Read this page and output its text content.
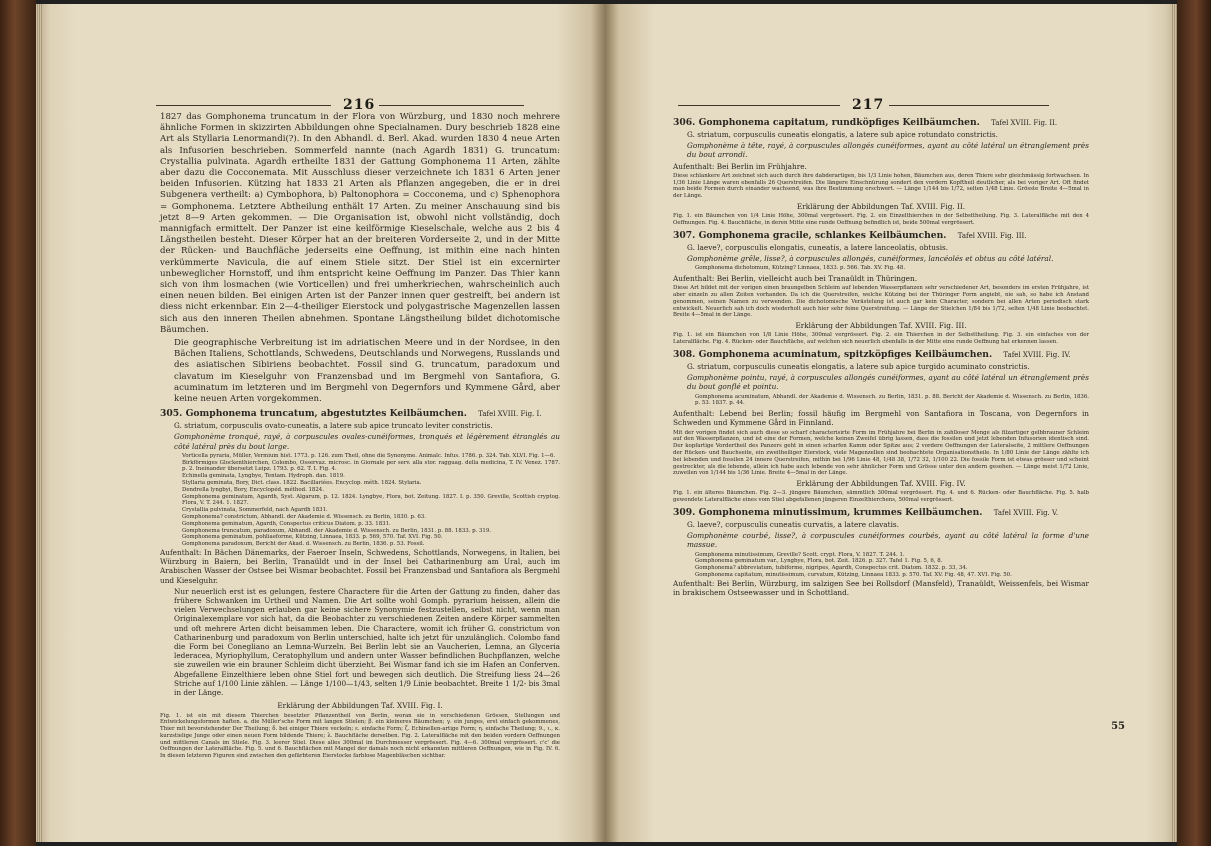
216

1827 das Gomphonema truncatum in der Flora von Würzburg, und 1830 noch mehrere ähnliche Formen in skizzirten Abbildungen ohne Specialnamen. Dury beschrieb 1828 eine Art als Styllaria Lenormandi(?). In den Abhandl. d. Berl. Akad. wurden 1830 4 neue Arten als Infusorien beschrieben. Sommerfeld nannte (nach Agardh 1831) G. truncatum: Crystallia pulvinata. Agardh ertheilte 1831 der Gattung Gomphonema 11 Arten, zählte aber dazu die Cocconemata. Mit Ausschluss dieser verzeichnete ich 1831 6 Arten jener beiden Infusorien. Kützing hat 1833 21 Arten als Pflanzen angegeben, die er in drei Subgenera vertheilt: a) Cymbophora, b) Paltonophora = Cocconema, und c) Sphenophora = Gomphonema. Letztere Abtheilung enthält 17 Arten. Zu meiner Anschauung sind bis jetzt 8—9 Arten gekommen. — Die Organisation ist, obwohl nicht vollständig, doch mannigfach ermittelt. Der Panzer ist eine keilförmige Kieselschale, welche aus 2 bis 4 Längstheilen besteht. Dieser Körper hat an der breiteren Vorderseite 2, und in der Mitte der Rücken- und Bauchfläche jederseits eine Oeffnung, ist mithin eine nach hinten verkümmerte Navicula, die auf einem Stiele sitzt. Der Stiel ist ein excernirter unbeweglicher Hornstoff, und ihm entspricht keine Oeffnung im Panzer. Das Thier kann sich von ihm losmachen (wie Vorticellen) und frei umherkriechen, wahrscheinlich auch einen neuen bilden. Bei einigen Arten ist der Panzer innen quer gestreift, bei andern ist diess nicht erkennbar. Ein 2—4-theiliger Eierstock und polygastrische Magenzellen lassen sich aus den inneren Theilen abnehmen. Spontane Längstheilung bildet dichotomische Bäumchen.

Die geographische Verbreitung ist im adriatischen Meere und in der Nordsee, in den Bächen Italiens, Schottlands, Schwedens, Deutschlands und Norwegens, Russlands und des asiatischen Sibiriens beobachtet. Fossil sind G. truncatum, paradoxum und clavatum im Kieselguhr von Franzensbad und im Bergmehl von Santafiora, G. acuminatum im letzteren und im Bergmehl von Degernfors und Kymmene Gård, aber keine neuen Arten vorgekommen.

305. Gomphonema truncatum, abgestutztes Keilbäumchen. Tafel XVIII. Fig. I.

G. striatum, corpusculis ovato-cuneatis, a latere sub apice truncato leviter constrictis.

Gomphonème tronqué, rayé, à corpuscules ovales-cunéiformes, tronqués et légèrement étranglés au côté latéral près du bout large.

Vorticella pyraria, Müller, Vermium hist. 1773. p. 126. zum Theil, ohne die Synonyme. Animalc. Infus. 1786. p. 324. Tab. XLVI. Fig. 1—6.
Birkförmiges Glockenthierchen, Colombo, Osservaz. microsc. in Giornale per serv. alla stor. ragguag. della medicina, T. IV. Venez. 1787. p. 2. Ineinander übersetzt Leipz. 1793. p. 62. T. I. Fig. 4.
Echinella geminata, Lyngbye, Tentam. Hydroph. dan. 1819.
Styllaria geminata, Bory, Dict. class. 1822. Bacillariées. Encyclop. méth. 1824. Stylaria.
Dendrella lyngbyi, Bory, Encyclopéd. méthod. 1824.
Gomphonema geminatum, Agardh, Syst. Algarum, p. 12. 1824. Lyngbye, Flora, bot. Zeitung. 1827. I. p. 350. Greville, Scottish cryptog. Flora, V. T. 244. 1. 1827.
Crystallia pulvinata, Sommerfeld, nach Agardh 1831.
Gomphonema? constrictum, Abhandl. der Akademie d. Wissensch. zu Berlin, 1830. p. 63.
Gomphonema geminatum, Agardh, Conspectus criticus Diatom. p. 33. 1831.
Gomphonema truncatum, paradoxum, Abhandl. der Akademie d. Wissensch. zu Berlin, 1831. p. 88. 1833. p. 319.
Gomphonema geminatum, pohliaeforme, Kützing, Linnaea, 1833. p. 569, 570. Taf. XVI. Fig. 50.
Gomphonema paradoxum, Bericht der Akad. d. Wissensch. zu Berlin, 1836. p. 53. Fossil.

Aufenthalt: In Bächen Dänemarks, der Faeroer Inseln, Schwedens, Schottlands, Norwegens, in Italien, bei Würzburg in Baiern, bei Berlin, Tranaüldt und in der Insel bei Catharinenburg am Ural, auch im Arabischen Wasser der Ostsee bei Wismar beobachtet. Fossil bei Franzensbad und Santafiora als Bergmehl und Kieselguhr.

Nur neuerlich erst ist es gelungen, festere Charactere für die Arten der Gattung zu finden, daher das frühere Schwanken im Urtheil und Namen. Die Art sollte wohl Gomph. pyrarium heissen, allein die vielen Verwechselungen erlauben gar keine sichere Synonymie festzustellen, selbst nicht, wenn man Originalexemplare vor sich hat, da die Beobachter zu verschiedenen Zeiten andere Körper sammelten und oft mehrere Arten dicht beisammen leben. Die Charactere, womit ich früher G. constrictum von Catharinenburg und paradoxum von Berlin unterschied, halte ich jetzt für unzulänglich. Colombo fand die Form bei Conegliano an Lemna-Wurzeln. Bei Berlin lebt sie an Vaucherien, Lemna, an Glyceria lederacea, Myriophyllum, Ceratophyllum und andern unter Wasser befindlichen Buchpflanzen, welche sie zuweilen wie ein brauner Schleim dicht überzieht. Bei Wismar fand ich sie im Hafen an Conferven. Abgefallene Einzelthiere leben ohne Stiel fort und bewegen sich deutlich. Die Streifung liess 24—26 Striche auf 1/100 Linie zählen. — Länge 1/100—1/43, selten 1/9 Linie beobachtet. Breite 1 1/2- bis 3mal in der Länge.

Erklärung der Abbildungen Taf. XVIII. Fig. I.

Fig. 1. ist ein mit diesem Thierchen besetzter Pflanzentheil von Berlin, woran sie in verschiedenen Grössen, Stellungen und Entwickelungsformen haften. a. die Müller'sche Form mit langen Stielen; β. ein kleineres Bäumchen; γ. ein junges, erst einfach gekommenes, Thier mit bevorstehender Der Theilung; δ. bei einiger Thiere veckeln; ε. einfache Form; ζ. Echinellen-artige Form; η. einfache Theilung; 9., ι., κ. kurzstielige Junge oder einen neuen Form bildende Thiere; λ. Bauchfläche derselben. Fig. 2. Lateralfläche mit den beiden vordern Oeffnungen und mittleren Canals im Stiele. Fig. 3. leerer Stiel. Diese alles 300mal im Durchmesser vergrössert. Fig. 4—6. 300mal vergrössert. c'c' die Oeffnungen der Lateralfläche. Fig. 5. und 6. Bauchflächen mit Mangel der damals noch nicht erkannten mittleren Oeffnungen, wie in Fig. IV. 6. In diesen letzteren Figuren sind zwischen den gefärbteren Eierstocke farblose Magenbläschen sichtbar.

217
306. Gomphonema capitatum, rundköpfiges Keilbäumchen. Tafel XVIII. Fig. II.

G. striatum, corpusculis cuneatis elongatis, a latere sub apice rotundato constrictis.

Gomphonème à tête, rayé, à corpuscules allongés cunéiformes, ayant au côté latéral un étranglement près du bout arrondi.

Aufenthalt: Bei Berlin im Frühjahre.

Diese schlankere Art zeichnet sich auch durch ihre dabderartigen, bis 1/3 Linie hohen, Bäumchen aus, deren Thiere sehr gleichmässig fortwachsen. In 1/36 Linie Länge waren ebenfalls 26 Querstreifen. Die längere Einschnürung sondert den vordern Kopftheil deutlicher, als bei voriger Art. Oft findet man beide Formen durch einander wachsend, was ihre Bestimmung erschwert. — Länge 1/144 bis 1/72, selten 1/48 Linie. Grösste Breite 4—5mal in der Länge.

Erklärung der Abbildungen Taf. XVIII. Fig. II.

Fig. 1. ein Bäumchen von 1/4 Linie Höhe, 300mal vergrössert. Fig. 2. ein Einzelthierchen in der Selbsttheilung. Fig. 3. Lateralfläche mit den 4 Oeffnungen. Fig. 4. Bauchfläche, in deren Mitte eine runde Oeffnung befindlich ist, beide 500mal vergrössert.

307. Gomphonema gracile, schlankes Keilbäumchen. Tafel XVIII. Fig. III.

G. laeve?, corpusculis elongatis, cuneatis, a latere lanceolatis, obtusis.

Gomphonème grêle, lisse?, à corpuscules allongés, cunéiformes, lancéolés et obtus au côté latéral.

Gomphonema dichotomum, Kützing? Linnaea, 1833. p. 566. Tab. XV. Fig. 48.

Aufenthalt: Bei Berlin, vielleicht auch bei Tranaüldt in Thüringen.

Diese Art bildet mit der vorigen einen braungelben Schleim auf lebenden Wasserpflanzen sehr verschiedener Art, besonders im ersten Frühjahre, ist aber einzeln zu allen Zeiten vorhanden. Da ich die Querstreifen, welche Kützing bei der Thüringer Form angiebt, nie sah, so habe ich Anstand genommen, seinen Namen zu verwenden. Die dichotomische Verästelung ist auch gar kein Character, sondern bei allen Arten periodisch stark entwickelt. Neuerlich sah ich doch wiederholt auch hier sehr feine Querstreifung. — Länge der Stielchen 1/84 bis 1/72, selten 1/48 Linie beobachtet. Breite 4—5mal in der Länge.

Erklärung der Abbildungen Taf. XVIII. Fig. III.

Fig. 1. ist ein Bäumchen von 1/8 Linie Höhe, 300mal vergrössert. Fig. 2. ein Thierchen in der Selbsttheilung. Fig. 3. ein einfaches von der Lateralfläche. Fig. 4. Rücken- oder Bauchfläche, auf welchen sich neuerlich ebenfalls in der Mitte eine runde Oeffnung hat erkennen lassen.

308. Gomphonema acuminatum, spitzköpfiges Keilbäumchen. Tafel XVIII. Fig. IV.

G. striatum, corpusculis cuneatis elongatis, a latere sub apice turgido acuminato constrictis.

Gomphonème pointu, rayé, à corpuscules allongés cunéiformes, ayant au côté latéral un étranglement près du bout gonflé et pointu.

Gomphonema acuminatum, Abhandl. der Akademie d. Wissensch. zu Berlin, 1831. p. 88. Bericht der Akademie d. Wissensch. zu Berlin, 1836. p. 53. 1837. p. 44.

Aufenthalt: Lebend bei Berlin; fossil häufig im Bergmehl von Santafiora in Toscana, von Degernfors in Schweden und Kymmene Gård in Finnland.

Mit der vorigen findet sich auch diese so scharf characterisirte Form im Frühjahre bei Berlin in zahlloser Menge als filzartiger gelbbrauner Schleim auf den Wasserpflanzen, und ist eine der Formen, welche keinen Zweifel übrig lassen, dass die fossilen und jetzt lebenden Infusorien identisch sind. Der kopfartige Vordertheil des Panzers geht in einen scharfen Kamm oder Spitze aus; 2 vordere Oeffnungen der Lateralseite, 2 mittlere Oeffnungen der Rücken- und Bauchseite, ein zweitheiliger Eierstock, viele Magenzellen sind beobachtete Organisationstheile. In 1/80 Linie der Länge zählte ich bei lebenden und fossilen 24 innere Querstreifen, mithin bei 1/96 Linie 48, 1/48 38, 1/72 32, 1/100 22. Die fossile Form ist etwas grösser und scheint gestreckter, als die lebende, allein ich habe auch lebende von sehr ähnlicher Form und Grösse unter den andern gesehen. — Länge meist 1/72 Linie, zuweilen von 1/144 bis 1/36 Linie. Breite 4—5mal in der Länge.

Erklärung der Abbildungen Taf. XVIII. Fig. IV.

Fig. 1. ein älteres Bäumchen. Fig. 2—3. jüngere Bäumchen, sämmtlich 300mal vergrössert. Fig. 4. und 6. Rücken- oder Bauchfläche. Fig. 5. halb gewendete Lateralfläche eines vom Stiel abgefallenen jüngeren Einzelthierchens, 500mal vergrössert.

309. Gomphonema minutissimum, krummes Keilbäumchen. Tafel XVIII. Fig. V.

G. laeve?, corpusculis cuneatis curvatis, a latere clavatis.

Gomphonème courbé, lisse?, à corpuscules cunéiformes courbés, ayant au côté latéral la forme d'une massue.

Gomphonema minutissimum, Greville? Scott. crypt. Flora, V. 1827. T. 244. 1.
Gomphonema geminatum var., Lyngbye, Flora, bot. Zeit. 1826. p. 327. Tafel 1. Fig. 5, 6, 8.
Gomphonema? abbreviatum, tubiforme, nigripes, Agardh, Conspectus crit. Diatom. 1832. p. 33, 34.
Gomphonema capitatum, minutissimum, curvatum, Kützing, Linnaea 1833. p. 570. Taf. XV. Fig. 48, 47. XVI. Fig. 50.

Aufenthalt: Bei Berlin, Würzburg, im salzigen See bei Rollsdorf (Mansfeld), Tranaüldt, Weissenfels, bei Wismar in brakischem Ostseewasser und in Schottland.

55
